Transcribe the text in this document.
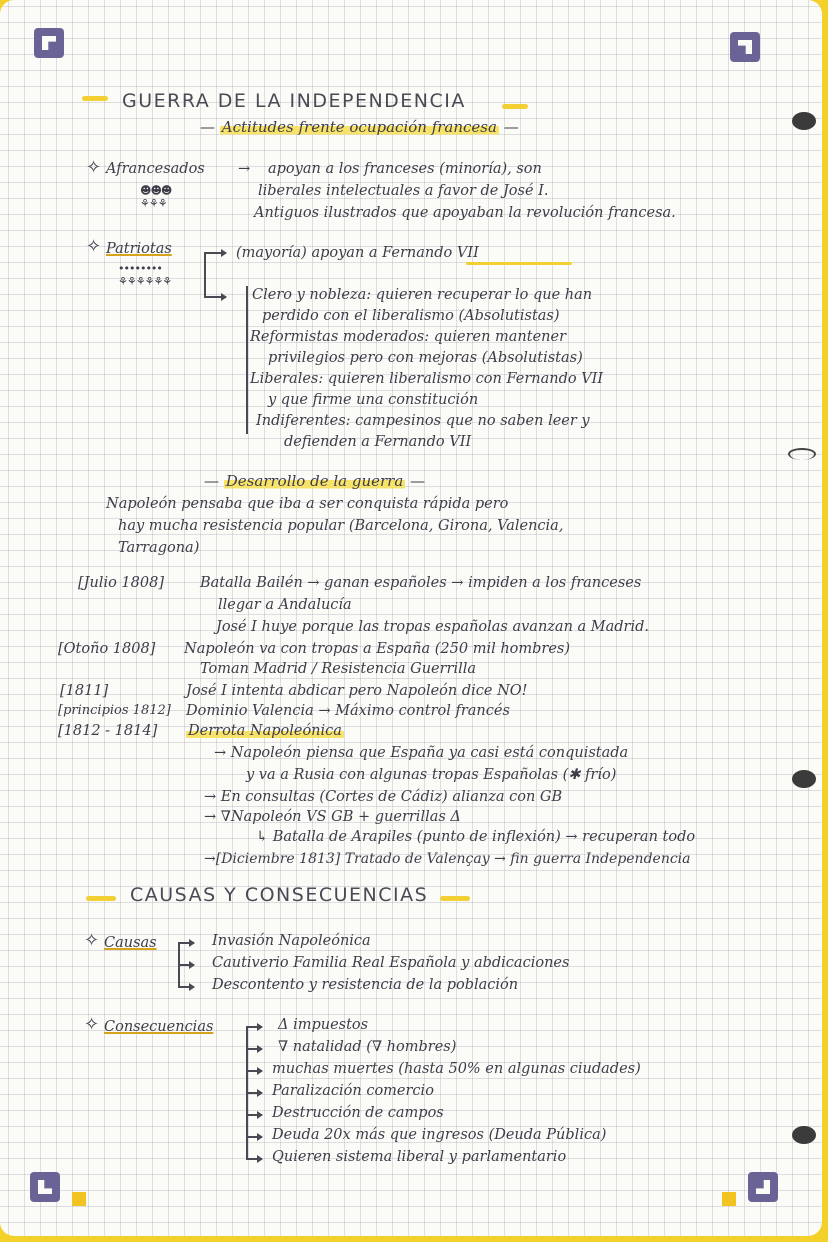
GUERRA DE LA INDEPENDENCIA
— Actitudes frente ocupación francesa —
✧ Afrancesados → apoyan a los franceses (minoría), son
☻☻☻
⚘⚘⚘
liberales intelectuales a favor de José I.
Antiguos ilustrados que apoyaban la revolución francesa.
✧ Patriotas
••••••••
⚘⚘⚘⚘⚘⚘
(mayoría) apoyan a Fernando VII
Clero y nobleza: quieren recuperar lo que han
perdido con el liberalismo (Absolutistas)
Reformistas moderados: quieren mantener
privilegios pero con mejoras (Absolutistas)
Liberales: quieren liberalismo con Fernando VII
y que firme una constitución
Indiferentes: campesinos que no saben leer y
defienden a Fernando VII
— Desarrollo de la guerra —
Napoleón pensaba que iba a ser conquista rápida pero
hay mucha resistencia popular (Barcelona, Girona, Valencia,
Tarragona)
[Julio 1808] Batalla Bailén → ganan españoles → impiden a los franceses
llegar a Andalucía
José I huye porque las tropas españolas avanzan a Madrid.
[Otoño 1808] Napoleón va con tropas a España (250 mil hombres)
Toman Madrid / Resistencia Guerrilla
[1811]	José I intenta abdicar pero Napoleón dice NO!
[principios 1812] Dominio Valencia → Máximo control francés
[1812 - 1814] Derrota Napoleónica
→ Napoleón piensa que España ya casi está conquistada
y va a Rusia con algunas tropas Españolas (✱ frío)
→ En consultas (Cortes de Cádiz) alianza con GB
→ ∇Napoleón VS GB + guerrillas Δ
↳ Batalla de Arapiles (punto de inflexión) → recuperan todo
→[Diciembre 1813] Tratado de Valençay → fin guerra Independencia
CAUSAS Y CONSECUENCIAS
✧ Causas	Invasión Napoleónica
Cautiverio Familia Real Española y abdicaciones
Descontento y resistencia de la población
✧ Consecuencias	Δ impuestos
∇ natalidad (∇ hombres)
muchas muertes (hasta 50% en algunas ciudades)
Paralización comercio
Destrucción de campos
Deuda 20x más que ingresos (Deuda Pública)
Quieren sistema liberal y parlamentario
